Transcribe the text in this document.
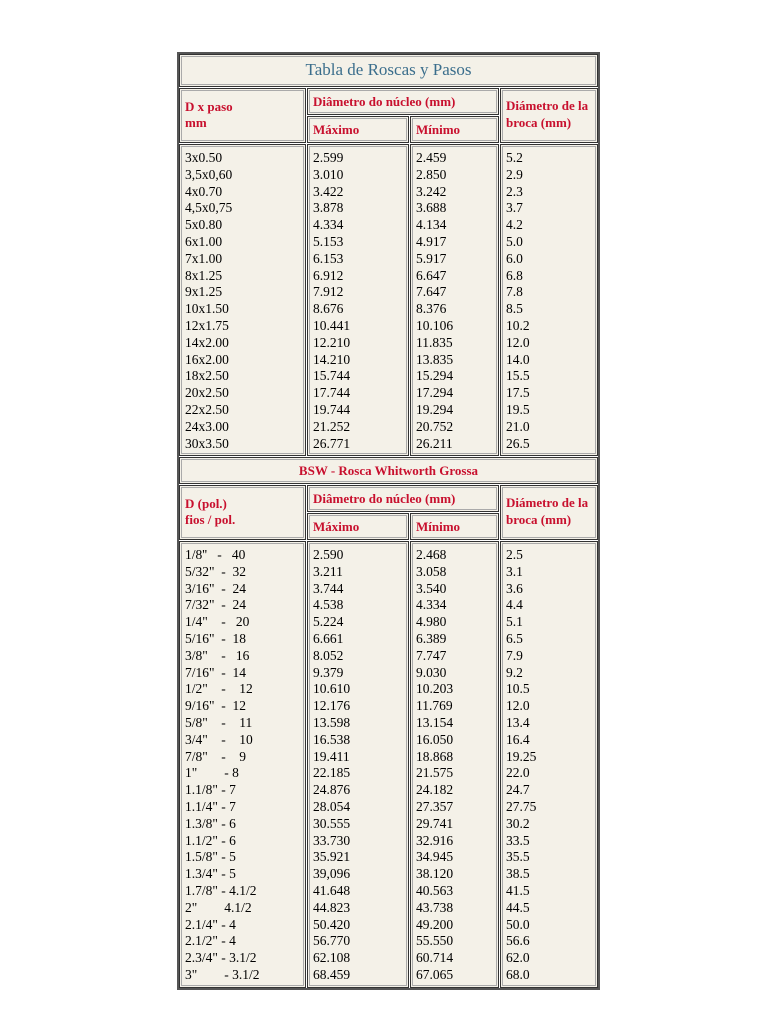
Tabla de Roscas y Pasos
D x paso
mm
Diâmetro do núcleo (mm)
Máximo	Mínimo
Diámetro de la
broca (mm)
3x0.50
3,5x0,60
4x0.70
4,5x0,75
5x0.80
6x1.00
7x1.00
8x1.25
9x1.25
10x1.50
12x1.75
14x2.00
16x2.00
18x2.50
20x2.50
22x2.50
24x3.00
30x3.50
2.599
3.010
3.422
3.878
4.334
5.153
6.153
6.912
7.912
8.676
10.441
12.210
14.210
15.744
17.744
19.744
21.252
26.771
2.459
2.850
3.242
3.688
4.134
4.917
5.917
6.647
7.647
8.376
10.106
11.835
13.835
15.294
17.294
19.294
20.752
26.211
5.2
2.9
2.3
3.7
4.2
5.0
6.0
6.8
7.8
8.5
10.2
12.0
14.0
15.5
17.5
19.5
21.0
26.5
BSW - Rosca Whitworth Grossa
D (pol.)
fios / pol.
Diâmetro do núcleo (mm)
Máximo	Mínimo
Diámetro de la
broca (mm)
1/8''   -   40
5/32"  -  32
3/16"  -  24
7/32"  -  24
1/4"    -   20
5/16"  -  18
3/8"    -   16
7/16"  -  14
1/2"    -    12
9/16"  -  12
5/8"    -    11
3/4"    -    10
7/8"    -    9
1"        - 8
1.1/8" - 7
1.1/4" - 7
1.3/8" - 6
1.1/2" - 6
1.5/8" - 5
1.3/4" - 5
1.7/8" - 4.1/2
2"        4.1/2
2.1/4" - 4
2.1/2" - 4
2.3/4" - 3.1/2
3"        - 3.1/2
2.590
3.211
3.744
4.538
5.224
6.661
8.052
9.379
10.610
12.176
13.598
16.538
19.411
22.185
24.876
28.054
30.555
33.730
35.921
39,096
41.648
44.823
50.420
56.770
62.108
68.459
2.468
3.058
3.540
4.334
4.980
6.389
7.747
9.030
10.203
11.769
13.154
16.050
18.868
21.575
24.182
27.357
29.741
32.916
34.945
38.120
40.563
43.738
49.200
55.550
60.714
67.065
2.5
3.1
3.6
4.4
5.1
6.5
7.9
9.2
10.5
12.0
13.4
16.4
19.25
22.0
24.7
27.75
30.2
33.5
35.5
38.5
41.5
44.5
50.0
56.6
62.0
68.0
